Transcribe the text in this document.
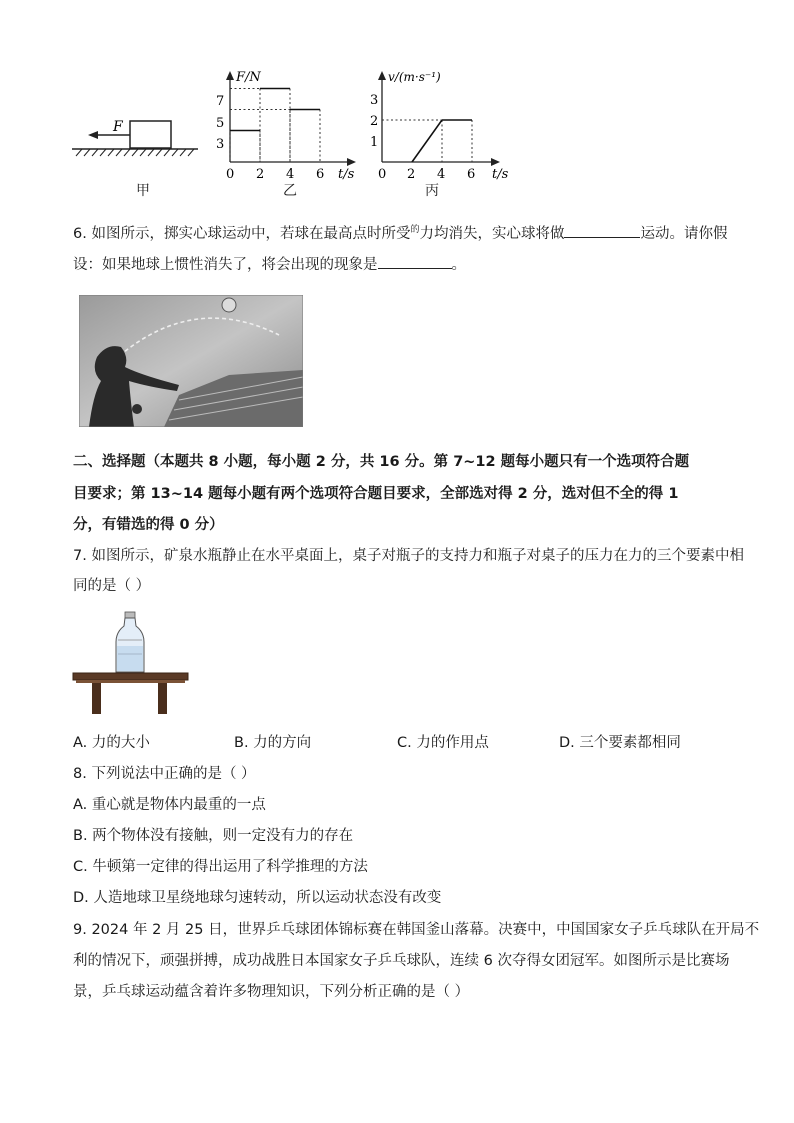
F
甲
F/N
t/s
0 2 4 6
3
5
7
乙
v/(m·s⁻¹)
t/s
0 2 4 6
1
2
3
丙
6. 如图所示，掷实心球运动中，若球在最高点时所受$^的$力均消失，实心球将做	运动。请你假
设：如果地球上惯性消失了，将会出现的现象是	。
二、选择题（本题共 8 小题，每小题 2 分，共 16 分。第 7~12 题每小题只有一个选项符合题
目要求；第 13~14 题每小题有两个选项符合题目要求，全部选对得 2 分，选对但不全的得 1
分，有错选的得 0 分）
7. 如图所示，矿泉水瓶静止在水平桌面上，桌子对瓶子的支持力和瓶子对桌子的压力在力的三个要素中相
同的是（ ）
A. 力的大小	B. 力的方向	C. 力的作用点	D. 三个要素都相同
8. 下列说法中正确的是（ ）
A. 重心就是物体内最重的一点
B. 两个物体没有接触，则一定没有力的存在
C. 牛顿第一定律的得出运用了科学推理的方法
D. 人造地球卫星绕地球匀速转动，所以运动状态没有改变
9. 2024 年 2 月 25 日，世界乒乓球团体锦标赛在韩国釜山落幕。决赛中，中国国家女子乒乓球队在开局不
利的情况下，顽强拼搏，成功战胜日本国家女子乒乓球队，连续 6 次夺得女团冠军。如图所示是比赛场
景，乒乓球运动蕴含着许多物理知识，下列分析正确的是（ ）
